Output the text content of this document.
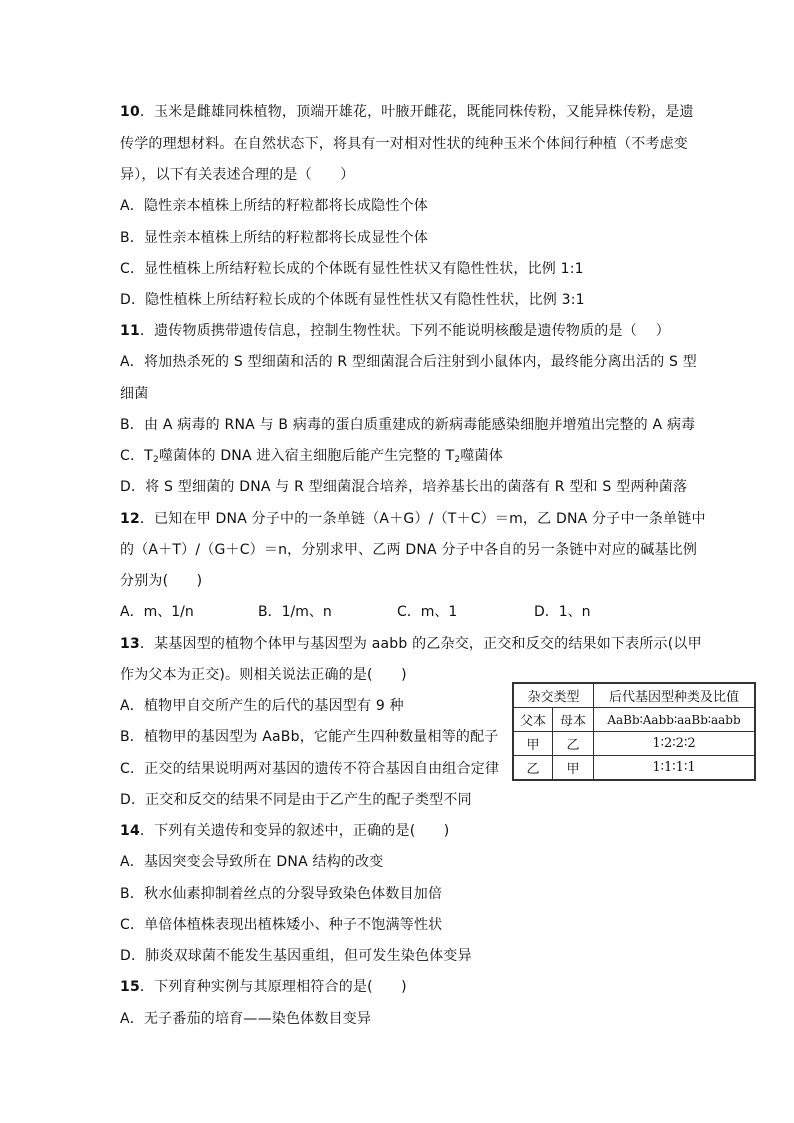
10．玉米是雌雄同株植物，顶端开雄花，叶腋开雌花，既能同株传粉，又能异株传粉，是遗
传学的理想材料。在自然状态下，将具有一对相对性状的纯种玉米个体间行种植（不考虑变
异），以下有关表述合理的是（　　）
A．隐性亲本植株上所结的籽粒都将长成隐性个体
B．显性亲本植株上所结的籽粒都将长成显性个体
C．显性植株上所结籽粒长成的个体既有显性性状又有隐性性状，比例 1:1
D．隐性植株上所结籽粒长成的个体既有显性性状又有隐性性状，比例 3:1
11．遗传物质携带遗传信息，控制生物性状。下列不能说明核酸是遗传物质的是（　 ）
A．将加热杀死的 S 型细菌和活的 R 型细菌混合后注射到小鼠体内，最终能分离出活的 S 型
细菌
B．由 A 病毒的 RNA 与 B 病毒的蛋白质重建成的新病毒能感染细胞并增殖出完整的 A 病毒
C．$T_2$噬菌体的 DNA 进入宿主细胞后能产生完整的 $T_2$噬菌体
D．将 S 型细菌的 DNA 与 R 型细菌混合培养，培养基长出的菌落有 R 型和 S 型两种菌落
12．已知在甲 DNA 分子中的一条单链（A＋G）/（T＋C）＝m，乙 DNA 分子中一条单链中
的（A＋T）/（G＋C）＝n，分别求甲、乙两 DNA 分子中各自的另一条链中对应的碱基比例
分别为(　　)
A．m、1/n	B．1/m、n	C．m、1	D．1、n
13．某基因型的植物个体甲与基因型为 aabb 的乙杂交，正交和反交的结果如下表所示(以甲
作为父本为正交)。则相关说法正确的是(　　)
A．植物甲自交所产生的后代的基因型有 9 种
B．植物甲的基因型为 AaBb，它能产生四种数量相等的配子
C．正交的结果说明两对基因的遗传不符合基因自由组合定律
D．正交和反交的结果不同是由于乙产生的配子类型不同
杂交类型		后代基因型种类及比值
父本	母本	AaBb∶Aabb∶aaBb∶aabb
甲	乙	1∶2∶2∶2
乙	甲	1∶1∶1∶1
14．下列有关遗传和变异的叙述中，正确的是(　　)
A．基因突变会导致所在 DNA 结构的改变
B．秋水仙素抑制着丝点的分裂导致染色体数目加倍
C．单倍体植株表现出植株矮小、种子不饱满等性状
D．肺炎双球菌不能发生基因重组，但可发生染色体变异
15．下列育种实例与其原理相符合的是(　　)
A．无子番茄的培育——染色体数目变异
